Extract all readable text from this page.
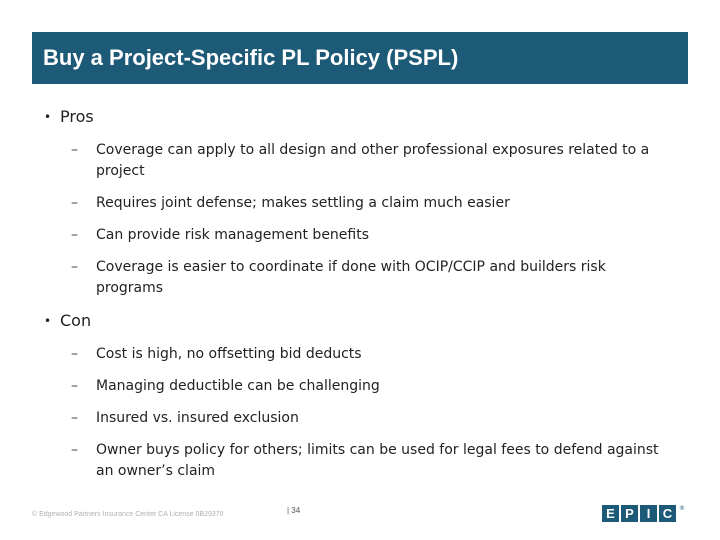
Buy a Project-Specific PL Policy (PSPL)
• Pros
–	Coverage can apply to all design and other professional exposures related to a project
–	Requires joint defense; makes settling a claim much easier
–	Can provide risk management benefits
–	Coverage is easier to coordinate if done with OCIP/CCIP and builders risk programs
• Con
–	Cost is high, no offsetting bid deducts
–	Managing deductible can be challenging
–	Insured vs. insured exclusion
–	Owner buys policy for others; limits can be used for legal fees to defend against an owner’s claim
© Edgewood Partners Insurance Center CA License 0B29370	| 34	E P I C	®
